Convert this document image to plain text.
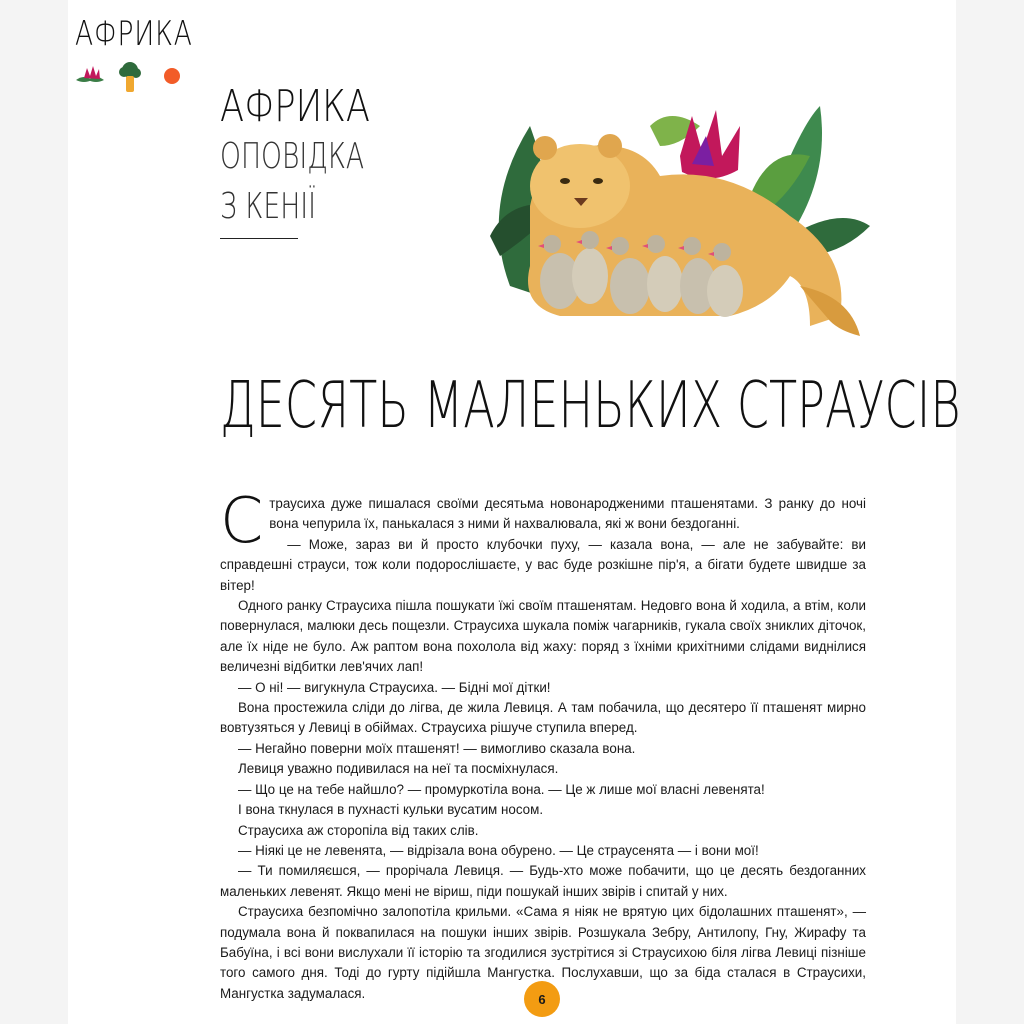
АФРИКА
АФРИКА
ОПОВІДКА
З КЕНІЇ
ДЕСЯТЬ МАЛЕНЬКИХ СТРАУСІВ

Страусиха дуже пишалася своїми десятьма новонародженими пташенятами. З ранку до ночі вона чепурила їх, панькалася з ними й нахвалювала, які ж вони бездоганні.

— Може, зараз ви й просто клубочки пуху, — казала вона, — але не забувайте: ви справдешні страуси, тож коли подорослішаєте, у вас буде розкішне пір'я, а бігати будете швидше за вітер!

Одного ранку Страусиха пішла пошукати їжі своїм пташенятам. Недовго вона й ходила, а втім, коли повернулася, малюки десь пощезли. Страусиха шукала поміж чагарників, гукала своїх зниклих діточок, але їх ніде не було. Аж раптом вона похолола від жаху: поряд з їхніми крихітними слідами виднілися величезні відбитки лев'ячих лап!

— О ні! — вигукнула Страусиха. — Бідні мої дітки!

Вона простежила сліди до лігва, де жила Левиця. А там побачила, що десятеро її пташенят мирно вовтузяться у Левиці в обіймах. Страусиха рішуче ступила вперед.

— Негайно поверни моїх пташенят! — вимогливо сказала вона.

Левиця уважно подивилася на неї та посміхнулася.

— Що це на тебе найшло? — промуркотіла вона. — Це ж лише мої власні левенята!

І вона ткнулася в пухнасті кульки вусатим носом.

Страусиха аж сторопіла від таких слів.

— Ніякі це не левенята, — відрізала вона обурено. — Це страусенята — і вони мої!

— Ти помиляєшся, — прорічала Левиця. — Будь-хто може побачити, що це десять бездоганних маленьких левенят. Якщо мені не віриш, піди пошукай інших звірів і спитай у них.

Страусиха безпомічно залопотіла крильми. «Сама я ніяк не врятую цих бідолашних пташенят», — подумала вона й поквапилася на пошуки інших звірів. Розшукала Зебру, Антилопу, Гну, Жирафу та Бабуїна, і всі вони вислухали її історію та згодилися зустрітися зі Страусихою біля лігва Левиці пізніше того самого дня. Тоді до гурту підійшла Мангустка. Послухавши, що за біда сталася в Страусихи, Мангустка задумалася.	6
